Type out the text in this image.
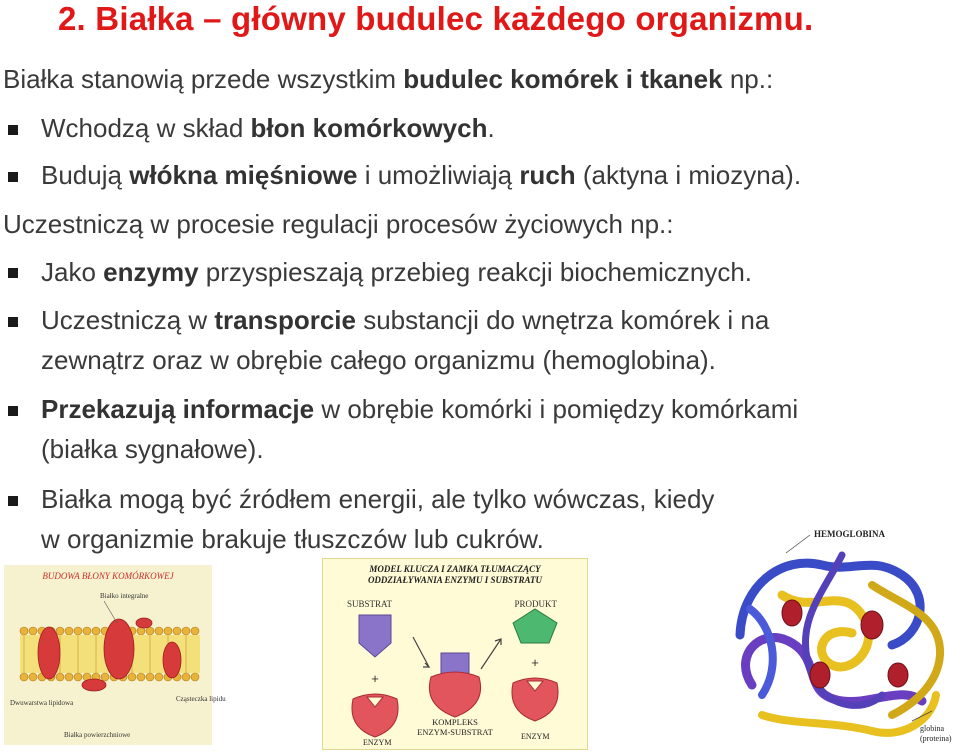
2. Białka – główny budulec każdego organizmu.
Białka stanowią przede wszystkim budulec komórek i tkanek np.:
Wchodzą w skład błon komórkowych.
Budują włókna mięśniowe i umożliwiają ruch (aktyna i miozyna).
Uczestniczą w procesie regulacji procesów życiowych np.:
Jako enzymy przyspieszają przebieg reakcji biochemicznych.
Uczestniczą w transporcie substancji do wnętrza komórek i na
zewnątrz oraz w obrębie całego organizmu (hemoglobina).
Przekazują informacje w obrębie komórki i pomiędzy komórkami
(białka sygnałowe).
Białka mogą być źródłem energii, ale tylko wówczas, kiedy
w organizmie brakuje tłuszczów lub cukrów.
BUDOWA BŁONY KOMÓRKOWEJ
Białko integralne
Dwuwarstwa lipidowa
Białka powierzchniowe
Cząsteczka lipidu
MODEL KLUCZA I ZAMKA TŁUMACZĄCY
ODDZIAŁYWANIA ENZYMU I SUBSTRATU
SUBSTRAT	PRODUKT
KOMPLEKS
ENZYM-SUBSTRAT
+
ENZYM
+
ENZYM
HEMOGLOBINA
globina
(proteina)
